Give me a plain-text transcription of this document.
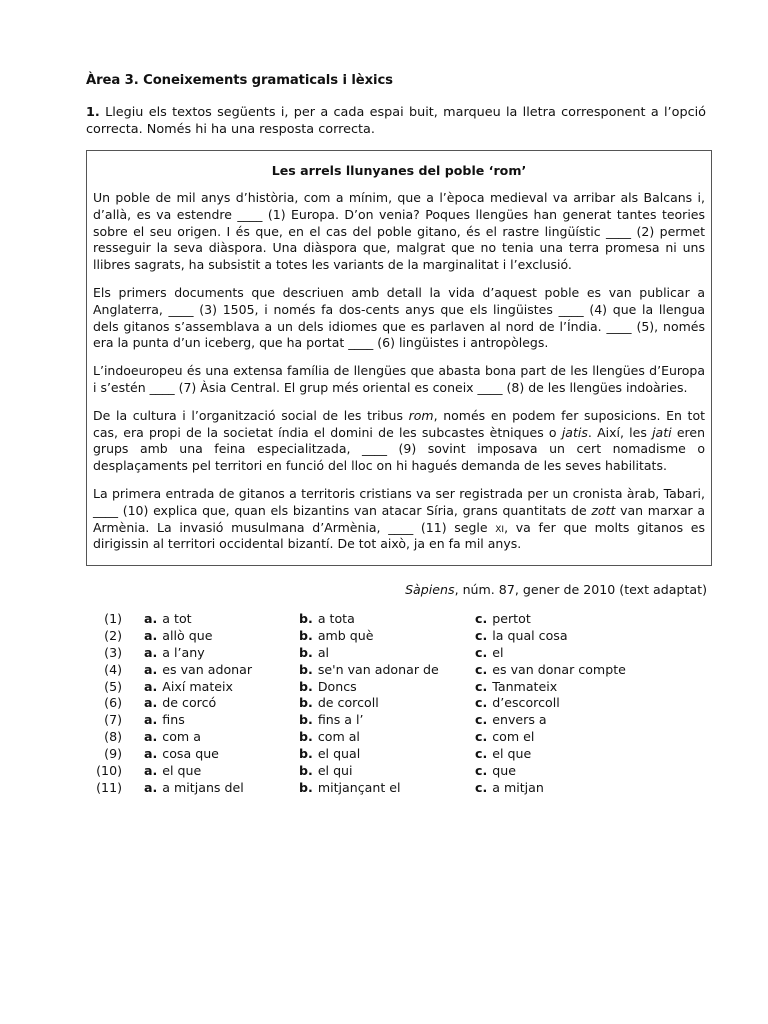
Àrea 3. Coneixements gramaticals i lèxics
1. Llegiu els textos següents i, per a cada espai buit, marqueu la lletra corresponent a l’opció correcta. Només hi ha una resposta correcta.
Les arrels llunyanes del poble ‘rom’

Un poble de mil anys d’història, com a mínim, que a l’època medieval va arribar als Balcans i, d’allà, es va estendre ____ (1) Europa. D’on venia? Poques llengües han generat tantes teories sobre el seu origen. I és que, en el cas del poble gitano, és el rastre lingüístic ____ (2) permet resseguir la seva diàspora. Una diàspora que, malgrat que no tenia una terra promesa ni uns llibres sagrats, ha subsistit a totes les variants de la marginalitat i l’exclusió.

Els primers documents que descriuen amb detall la vida d’aquest poble es van publicar a Anglaterra, ____ (3) 1505, i només fa dos-cents anys que els lingüistes ____ (4) que la llengua dels gitanos s’assemblava a un dels idiomes que es parlaven al nord de l’Índia. ____ (5), només era la punta d’un iceberg, que ha portat ____ (6) lingüistes i antropòlegs.

L’indoeuropeu és una extensa família de llengües que abasta bona part de les llengües d’Europa i s’estén ____ (7) Àsia Central. El grup més oriental es coneix ____ (8) de les llengües indoàries.

De la cultura i l’organització social de les tribus rom, només en podem fer suposicions. En tot cas, era propi de la societat índia el domini de les subcastes ètniques o jatis. Així, les jati eren grups amb una feina especialitzada, ____ (9) sovint imposava un cert nomadisme o desplaçaments pel territori en funció del lloc on hi hagués demanda de les seves habilitats.

La primera entrada de gitanos a territoris cristians va ser registrada per un cronista àrab, Tabari, ____ (10) explica que, quan els bizantins van atacar Síria, grans quantitats de zott van marxar a Armènia. La invasió musulmana d’Armènia, ____ (11) segle xi, va fer que molts gitanos es dirigissin al territori occidental bizantí. De tot això, ja en fa mil anys.

Sàpiens, núm. 87, gener de 2010 (text adaptat)
(1) a. a tot	b. a tota	c. pertot
(2) a. allò que	b. amb què	c. la qual cosa
(3) a. a l’any	b. al	c. el
(4) a. es van adonar	b. se'n van adonar de	c. es van donar compte
(5) a. Així mateix	b. Doncs	c. Tanmateix
(6) a. de corcó	b. de corcoll	c. d’escorcoll
(7) a. fins	b. fins a l’	c. envers a
(8) a. com a	b. com al	c. com el
(9) a. cosa que	b. el qual	c. el que
(10) a. el que	b. el qui	c. que
(11) a. a mitjans del	b. mitjançant el	c. a mitjan
